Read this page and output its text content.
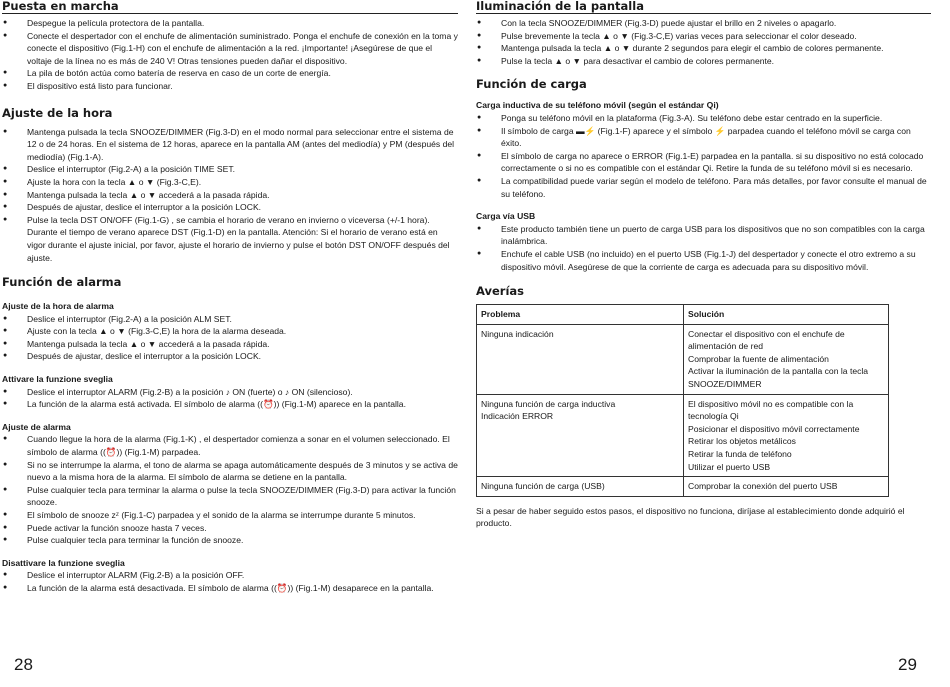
Puesta en marcha
● Despegue la película protectora de la pantalla.
● Conecte el despertador con el enchufe de alimentación suministrado. Ponga el enchufe de conexión en la toma y conecte el dispositivo (Fig.1-H) con el enchufe de alimentación a la red. ¡Importante! ¡Asegúrese de que el voltaje de la línea no es más de 240 V! Otras tensiones pueden dañar el dispositivo.
● La pila de botón actúa como batería de reserva en caso de un corte de energía.
● El dispositivo está listo para funcionar.
Ajuste de la hora
● Mantenga pulsada la tecla SNOOZE/DIMMER (Fig.3-D) en el modo normal para seleccionar entre el sistema de 12 o de 24 horas. En el sistema de 12 horas, aparece en la pantalla AM (antes del mediodía) y PM (después del mediodía) (Fig.1-A).
● Deslice el interruptor (Fig.2-A) a la posición TIME SET.
● Ajuste la hora con la tecla ▲ o ▼ (Fig.3-C,E).
● Mantenga pulsada la tecla ▲ o ▼ accederá a la pasada rápida.
● Después de ajustar, deslice el interruptor a la posición LOCK.
● Pulse la tecla DST ON/OFF (Fig.1-G) , se cambia el horario de verano en invierno o viceversa (+/-1 hora).

Durante el tiempo de verano aparece DST (Fig.1-D) en la pantalla. Atención: Si el horario de verano está en vigor durante el ajuste inicial, por favor, ajuste el horario de invierno y pulse el botón DST ON/OFF después del ajuste.

Función de alarma
Ajuste de la hora de alarma
● Deslice el interruptor (Fig.2-A) a la posición ALM SET.
● Ajuste con la tecla ▲ o ▼ (Fig.3-C,E) la hora de la alarma deseada.
● Mantenga pulsada la tecla ▲ o ▼ accederá a la pasada rápida.
● Después de ajustar, deslice el interruptor a la posición LOCK.
Attivare la funzione sveglia
● Deslice el interruptor ALARM (Fig.2-B) a la posición ♪ ON (fuerte) o ♪ ON (silencioso).
● La función de la alarma está activada. El símbolo de alarma ((⏰)) (Fig.1-M) aparece en la pantalla.
Ajuste de alarma
● Cuando llegue la hora de la alarma (Fig.1-K) , el despertador comienza a sonar en el volumen seleccionado. El símbolo de alarma ((⏰)) (Fig.1-M) parpadea.
● Si no se interrumpe la alarma, el tono de alarma se apaga automáticamente después de 3 minutos y se activa de nuevo a la misma hora de la alarma. El símbolo de alarma se detiene en la pantalla.
● Pulse cualquier tecla para terminar la alarma o pulse la tecla SNOOZE/DIMMER (Fig.3-D) para activar la función snooze.
● El símbolo de snooze zᶻ (Fig.1-C) parpadea y el sonido de la alarma se interrumpe durante 5 minutos.
● Puede activar la función snooze hasta 7 veces.
● Pulse cualquier tecla para terminar la función de snooze.
Disattivare la funzione sveglia
● Deslice el interruptor ALARM (Fig.2-B) a la posición OFF.
● La función de la alarma está desactivada. El símbolo de alarma ((⏰)) (Fig.1-M) desaparece en la pantalla.
28
Iluminación de la pantalla
● Con la tecla SNOOZE/DIMMER (Fig.3-D) puede ajustar el brillo en 2 niveles o apagarlo.
● Pulse brevemente la tecla ▲ o ▼ (Fig.3-C,E) varias veces para seleccionar el color deseado.
● Mantenga pulsada la tecla ▲ o ▼ durante 2 segundos para elegir el cambio de colores permanente.
● Pulse la tecla ▲ o ▼ para desactivar el cambio de colores permanente.
Función de carga
Carga inductiva de su teléfono móvil (según el estándar Qi)
● Ponga su teléfono móvil en la plataforma (Fig.3-A). Su teléfono debe estar centrado en la superficie.
● Il símbolo de carga ▬⚡ (Fig.1-F) aparece y el símbolo ⚡ parpadea cuando el teléfono móvil se carga con éxito.
● El símbolo de carga no aparece o ERROR (Fig.1-E) parpadea en la pantalla. si su dispositivo no está colocado correctamente o si no es compatible con el estándar Qi. Retire la funda de su teléfono móvil si es necesario.
● La compatibilidad puede variar según el modelo de teléfono. Para más detalles, por favor consulte el manual de su teléfono.
Carga vía USB
● Este producto también tiene un puerto de carga USB para los dispositivos que no son compatibles con la carga inalámbrica.
● Enchufe el cable USB (no incluido) en el puerto USB (Fig.1-J) del despertador y conecte el otro extremo a su dispositivo móvil. Asegúrese de que la corriente de carga es adecuada para su dispositivo móvil.
Averías
Problema	Solución
Ninguna indicación	Conectar el dispositivo con el enchufe de alimentación de red
Comprobar la fuente de alimentación
Activar la iluminación de la pantalla con la tecla SNOOZE/DIMMER

Ninguna función de carga inductiva
Indicación ERROR	El dispositivo móvil no es compatible con la tecnología Qi
Posicionar el dispositivo móvil correctamente
Retirar los objetos metálicos
Retirar la funda de teléfono
Utilizar el puerto USB

Ninguna función de carga (USB)	Comprobar la conexión del puerto USB

Si a pesar de haber seguido estos pasos, el dispositivo no funciona, diríjase al establecimiento donde adquirió el producto.

29
